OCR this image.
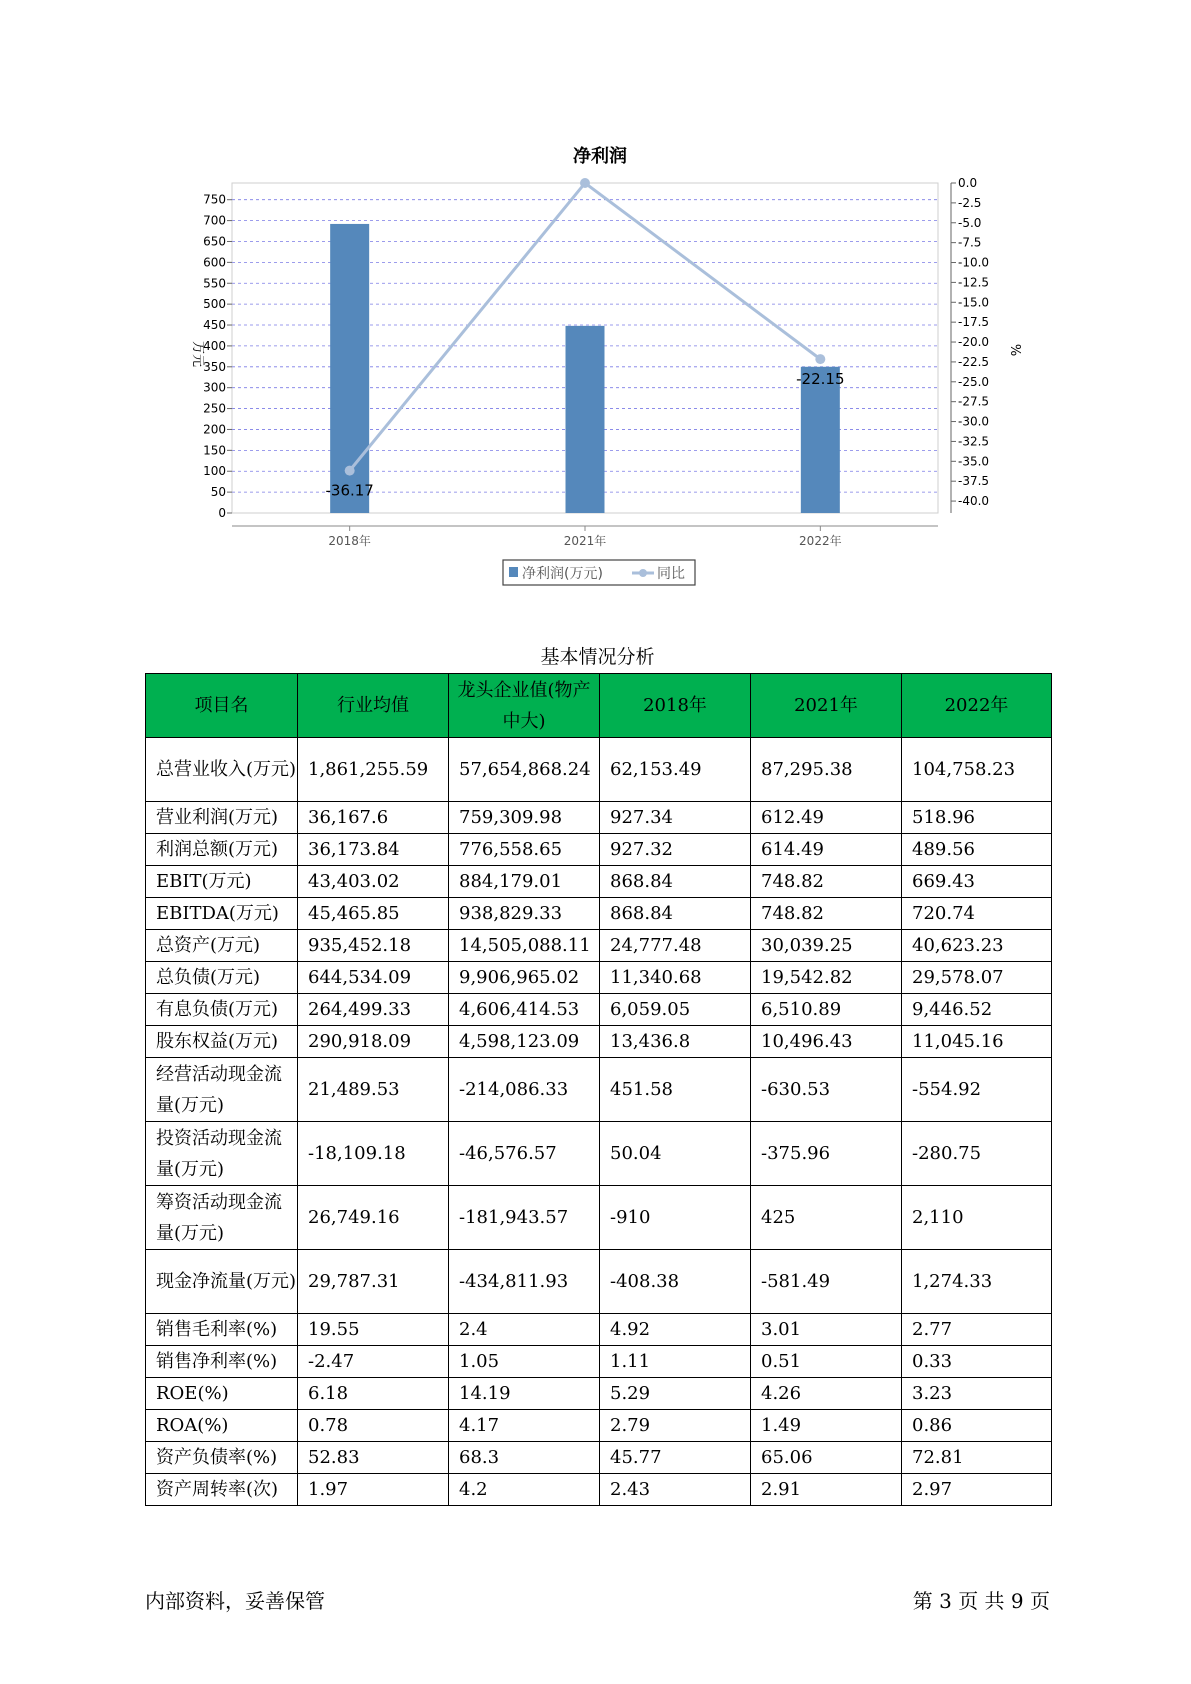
净利润
0
50
100
150
200
250
300
350
400
450
500
550
600
650
700
750
0.0
-2.5
-5.0
-7.5
-10.0
-12.5
-15.0
-17.5
-20.0
-22.5
-25.0
-27.5
-30.0
-32.5
-35.0
-37.5
-40.0
2018年	2021年	2022年
-36.17
-22.15
万元	%
净利润(万元)	同比
基本情况分析
项目名	行业均值	龙头企业值(物产中大)	2018年	2021年	2022年
总营业收入(万元)	1,861,255.59	57,654,868.24	62,153.49	87,295.38	104,758.23
营业利润(万元)	36,167.6	759,309.98	927.34	612.49	518.96
利润总额(万元)	36,173.84	776,558.65	927.32	614.49	489.56
EBIT(万元)	43,403.02	884,179.01	868.84	748.82	669.43
EBITDA(万元)	45,465.85	938,829.33	868.84	748.82	720.74
总资产(万元)	935,452.18	14,505,088.11	24,777.48	30,039.25	40,623.23
总负债(万元)	644,534.09	9,906,965.02	11,340.68	19,542.82	29,578.07
有息负债(万元)	264,499.33	4,606,414.53	6,059.05	6,510.89	9,446.52
股东权益(万元)	290,918.09	4,598,123.09	13,436.8	10,496.43	11,045.16
经营活动现金流量(万元)	21,489.53	-214,086.33	451.58	-630.53	-554.92
投资活动现金流量(万元)	-18,109.18	-46,576.57	50.04	-375.96	-280.75
筹资活动现金流量(万元)	26,749.16	-181,943.57	-910	425	2,110
现金净流量(万元)	29,787.31	-434,811.93	-408.38	-581.49	1,274.33
销售毛利率(%)	19.55	2.4	4.92	3.01	2.77
销售净利率(%)	-2.47	1.05	1.11	0.51	0.33
ROE(%)	6.18	14.19	5.29	4.26	3.23
ROA(%)	0.78	4.17	2.79	1.49	0.86
资产负债率(%)	52.83	68.3	45.77	65.06	72.81
资产周转率(次)	1.97	4.2	2.43	2.91	2.97
内部资料，妥善保管	第 3 页 共 9 页
